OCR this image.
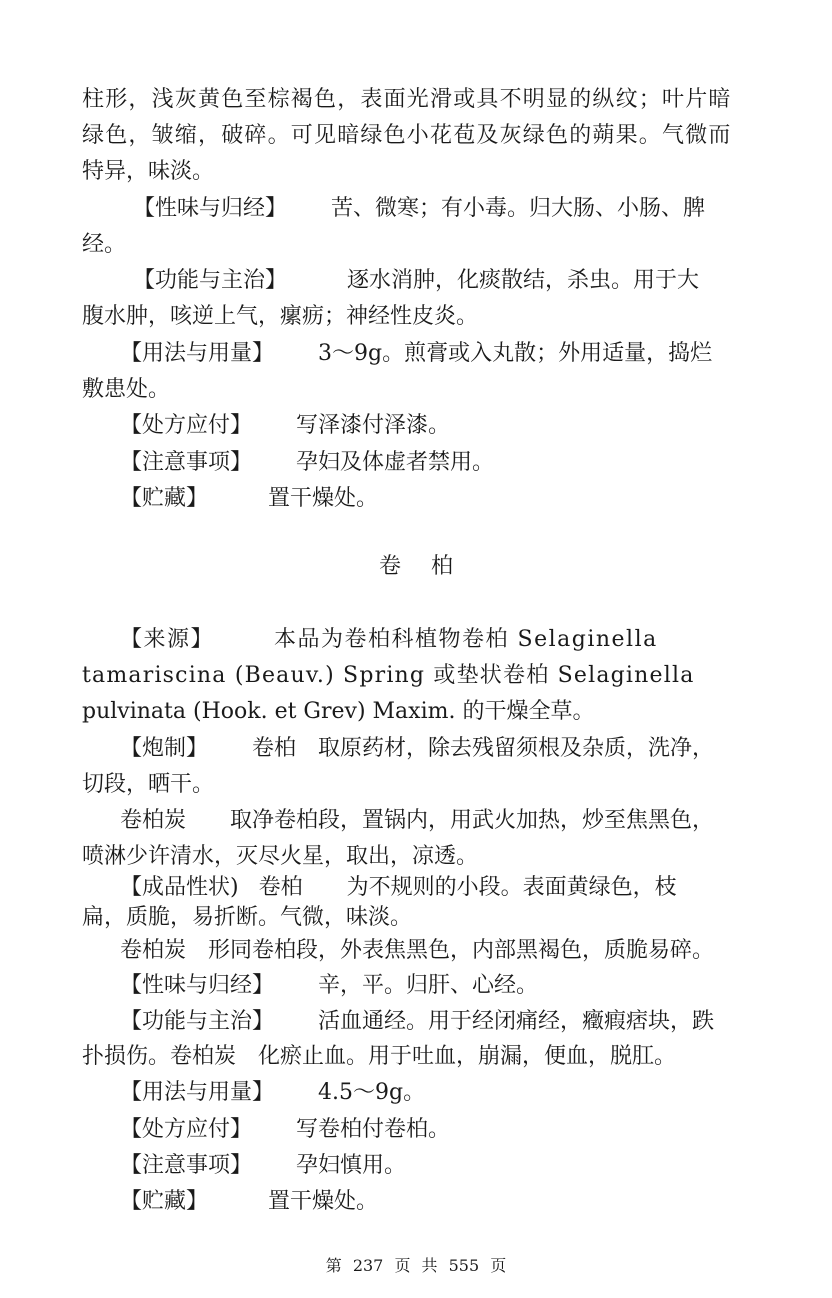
柱形，浅灰黄色至棕褐色，表面光滑或具不明显的纵纹；叶片暗
绿色，皱缩，破碎。可见暗绿色小花苞及灰绿色的蒴果。气微而
特异，味淡。
【性味与归经】 苦、微寒；有小毒。归大肠、小肠、脾
经。
【功能与主治】	逐水消肿，化痰散结，杀虫。用于大
腹水肿，咳逆上气，瘰疬；神经性皮炎。
【用法与用量】 3～9g。煎膏或入丸散；外用适量，捣烂
敷患处。
【处方应付】 写泽漆付泽漆。
【注意事项】 孕妇及体虚者禁用。
【贮藏】	置干燥处。
卷柏
【来源】	本品为卷柏科植物卷柏 Selaginella
tamariscina (Beauv.) Spring 或垫状卷柏 Selaginella
pulvinata (Hook. et Grev) Maxim. 的干燥全草。
【炮制】 卷柏　取原药材，除去残留须根及杂质，洗净，
切段，晒干。
卷柏炭 取净卷柏段，置锅内，用武火加热，炒至焦黑色，
喷淋少许清水，灭尽火星，取出，凉透。
【成品性状) 卷柏 为不规则的小段。表面黄绿色，枝
扁，质脆，易折断。气微，味淡。
卷柏炭　形同卷柏段，外表焦黑色，内部黑褐色，质脆易碎。
【性味与归经】 辛，平。归肝、心经。
【功能与主治】 活血通经。用于经闭痛经，癥瘕痞块，跌
扑损伤。卷柏炭　化瘀止血。用于吐血，崩漏，便血，脱肛。
【用法与用量】 4.5～9g。
【处方应付】 写卷柏付卷柏。
【注意事项】 孕妇慎用。
【贮藏】	置干燥处。
第 237 页 共 555 页
